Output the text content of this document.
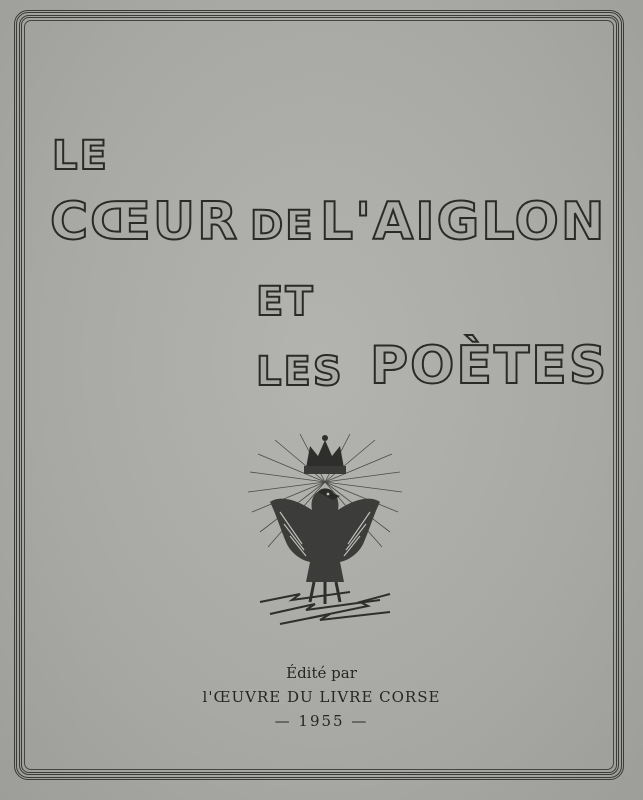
LE
CŒUR DE L'AIGLON
ET
LES POÈTES
Édité par
l'ŒUVRE DU LIVRE CORSE
— 1955 —
